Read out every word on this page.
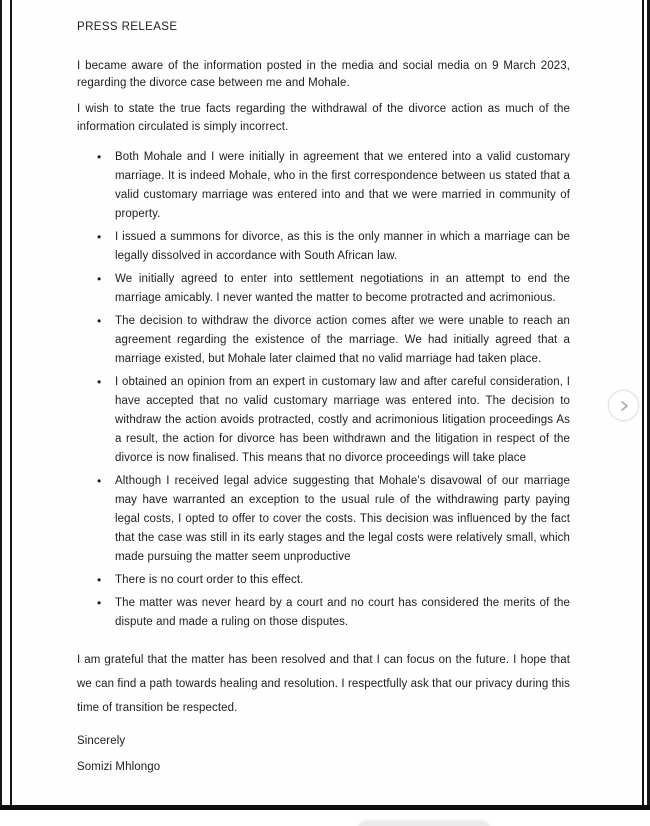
PRESS RELEASE

I became aware of the information posted in the media and social media on 9 March 2023, regarding the divorce case between me and Mohale.

I wish to state the true facts regarding the withdrawal of the divorce action as much of the information circulated is simply incorrect.

• Both Mohale and I were initially in agreement that we entered into a valid customary marriage. It is indeed Mohale, who in the first correspondence between us stated that a valid customary marriage was entered into and that we were married in community of property.
• I issued a summons for divorce, as this is the only manner in which a marriage can be legally dissolved in accordance with South African law.
• We initially agreed to enter into settlement negotiations in an attempt to end the marriage amicably. I never wanted the matter to become protracted and acrimonious.
• The decision to withdraw the divorce action comes after we were unable to reach an agreement regarding the existence of the marriage. We had initially agreed that a marriage existed, but Mohale later claimed that no valid marriage had taken place.
• I obtained an opinion from an expert in customary law and after careful consideration, I have accepted that no valid customary marriage was entered into. The decision to withdraw the action avoids protracted, costly and acrimonious litigation proceedings As a result, the action for divorce has been withdrawn and the litigation in respect of the divorce is now finalised. This means that no divorce proceedings will take place
• Although I received legal advice suggesting that Mohale's disavowal of our marriage may have warranted an exception to the usual rule of the withdrawing party paying legal costs, I opted to offer to cover the costs. This decision was influenced by the fact that the case was still in its early stages and the legal costs were relatively small, which made pursuing the matter seem unproductive
• There is no court order to this effect.
• The matter was never heard by a court and no court has considered the merits of the dispute and made a ruling on those disputes.

I am grateful that the matter has been resolved and that I can focus on the future. I hope that we can find a path towards healing and resolution. I respectfully ask that our privacy during this time of transition be respected.

Sincerely

Somizi Mhlongo
